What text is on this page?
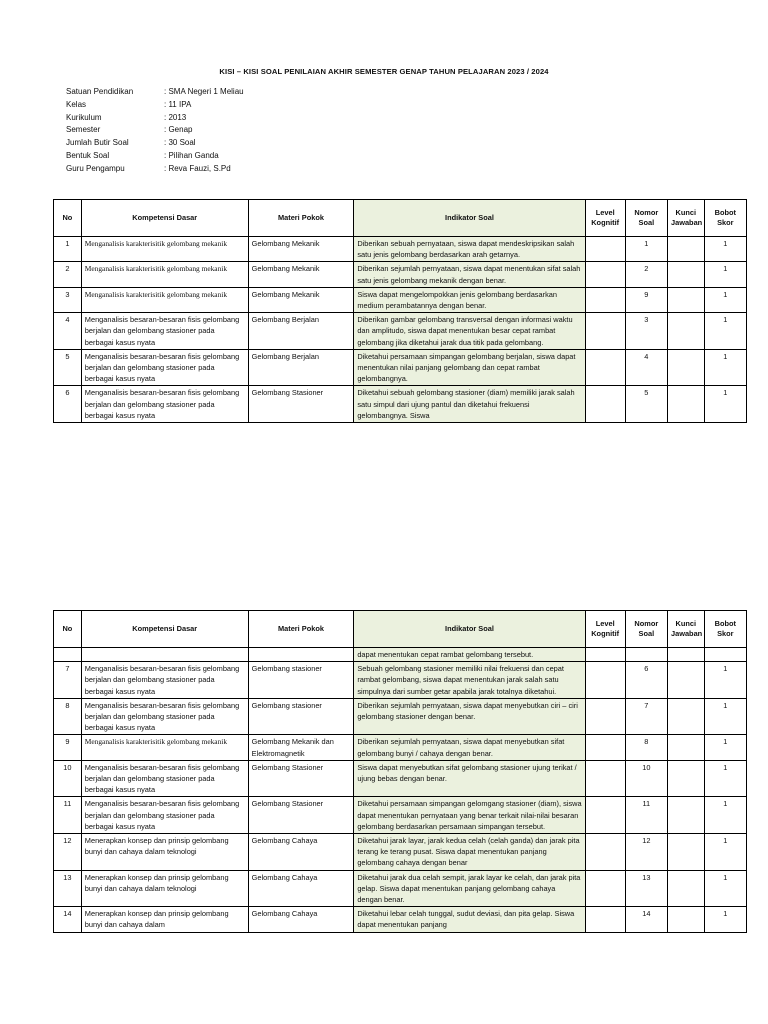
KISI – KISI SOAL PENILAIAN AKHIR SEMESTER GENAP TAHUN PELAJARAN 2023 / 2024
Satuan Pendidikan	: SMA Negeri 1 Meliau
Kelas	: 11 IPA
Kurikulum	: 2013
Semester	: Genap
Jumlah Butir Soal	: 30 Soal
Bentuk Soal	: Pilihan Ganda
Guru Pengampu	: Reva Fauzi, S.Pd
No	Kompetensi Dasar	Materi Pokok	Indikator Soal	Level Kognitif	Nomor Soal	Kunci Jawaban	Bobot Skor
1	Menganalisis karakterisitik gelombang mekanik	Gelombang Mekanik	Diberikan sebuah pernyataan, siswa dapat mendeskripsikan salah satu jenis gelombang berdasarkan arah getarnya.		1		1
2	Menganalisis karakterisitik gelombang mekanik	Gelombang Mekanik	Diberikan sejumlah pernyataan, siswa dapat menentukan sifat salah satu jenis gelombang mekanik dengan benar.		2		1
3	Menganalisis karakterisitik gelombang mekanik	Gelombang Mekanik	Siswa dapat mengelompokkan jenis gelombang berdasarkan medium perambatannya dengan benar.		9		1
4	Menganalisis besaran-besaran fisis gelombang berjalan dan gelombang stasioner pada berbagai kasus nyata	Gelombang Berjalan	Diberikan gambar gelombang transversal dengan informasi waktu dan amplitudo, siswa dapat menentukan besar cepat rambat gelombang jika diketahui jarak dua titik pada gelombang.		3		1
5	Menganalisis besaran-besaran fisis gelombang berjalan dan gelombang stasioner pada berbagai kasus nyata	Gelombang Berjalan	Diketahui persamaan simpangan gelombang berjalan, siswa dapat menentukan nilai panjang gelombang dan cepat rambat gelombangnya.		4		1
6	Menganalisis besaran-besaran fisis gelombang berjalan dan gelombang stasioner pada berbagai kasus nyata	Gelombang Stasioner	Diketahui sebuah gelombang stasioner (diam) memiliki jarak salah satu simpul dari ujung pantul dan diketahui frekuensi gelombangnya. Siswa		5		1
No	Kompetensi Dasar	Materi Pokok	Indikator Soal	Level Kognitif	Nomor Soal	Kunci Jawaban	Bobot Skor
			dapat menentukan cepat rambat gelombang tersebut.				
7	Menganalisis besaran-besaran fisis gelombang berjalan dan gelombang stasioner pada berbagai kasus nyata	Gelombang stasioner	Sebuah gelombang stasioner memiliki nilai frekuensi dan cepat rambat gelombang, siswa dapat menentukan jarak salah satu simpulnya dari sumber getar apabila jarak totalnya diketahui.		6		1
8	Menganalisis besaran-besaran fisis gelombang berjalan dan gelombang stasioner pada berbagai kasus nyata	Gelombang stasioner	Diberikan sejumlah pernyataan, siswa dapat menyebutkan ciri – ciri gelombang stasioner dengan benar.		7		1
9	Menganalisis karakterisitik gelombang mekanik	Gelombang Mekanik dan Elektromagnetik	Diberikan sejumlah pernyataan, siswa dapat menyebutkan sifat gelombang bunyi / cahaya dengan benar.		8		1
10	Menganalisis besaran-besaran fisis gelombang berjalan dan gelombang stasioner pada berbagai kasus nyata	Gelombang Stasioner	Siswa dapat menyebutkan sifat gelombang stasioner ujung terikat / ujung bebas dengan benar.		10		1
11	Menganalisis besaran-besaran fisis gelombang berjalan dan gelombang stasioner pada berbagai kasus nyata	Gelombang Stasioner	Diketahui persamaan simpangan gelomgang stasioner (diam), siswa dapat menentukan pernyataan yang benar terkait nilai-nilai besaran gelombang berdasarkan persamaan simpangan tersebut.		11		1
12	Menerapkan konsep dan prinsip gelombang bunyi dan cahaya dalam teknologi	Gelombang Cahaya	Diketahui jarak layar, jarak kedua celah (celah ganda) dan jarak pita terang ke terang pusat. Siswa dapat menentukan panjang gelombang cahaya dengan benar		12		1
13	Menerapkan konsep dan prinsip gelombang bunyi dan cahaya dalam teknologi	Gelombang Cahaya	Diketahui jarak dua celah sempit, jarak layar ke celah, dan jarak pita gelap. Siswa dapat menentukan panjang gelombang cahaya dengan benar.		13		1
14	Menerapkan konsep dan prinsip gelombang bunyi dan cahaya dalam	Gelombang Cahaya	Diketahui lebar celah tunggal, sudut deviasi, dan pita gelap. Siswa dapat menentukan panjang		14		1
